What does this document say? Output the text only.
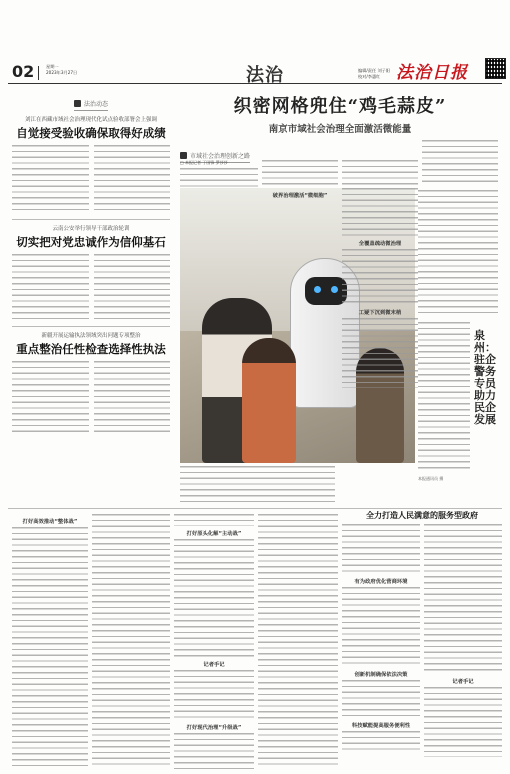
02	星期一
2023年3月27日	法治	编辑/责任 刘子阳
校对/李惠红 法治日报
法治动态
刘江在西藏市域社会治理现代化试点验收部署会上强调
自觉接受验收确保取得好成绩
云南公安举行领导干部政治轮训
切实把对党忠诚作为信仰基石
新疆开展运输执法领域突出问题专项整治
重点整治任性检查选择性执法
织密网格兜住“鸡毛蒜皮”
南京市域社会治理全面激活微能量
市域社会治理创新之路
□ 本报记者 丁国锋 罗莎莎
泉州：驻企警务专员助力民企发展
本报通讯员 摄
全覆盖疏动微治理
工疑下沉到微末梢
破界治理激活“微细胞”
打好高效推动“整体战”
打好原头化解“主动战”
记者手记
打好现代治理“升级战”
全力打造人民满意的服务型政府
有为政府优化营商环境
创新机制确保依法决策
科技赋能提高服务便利性
记者手记
